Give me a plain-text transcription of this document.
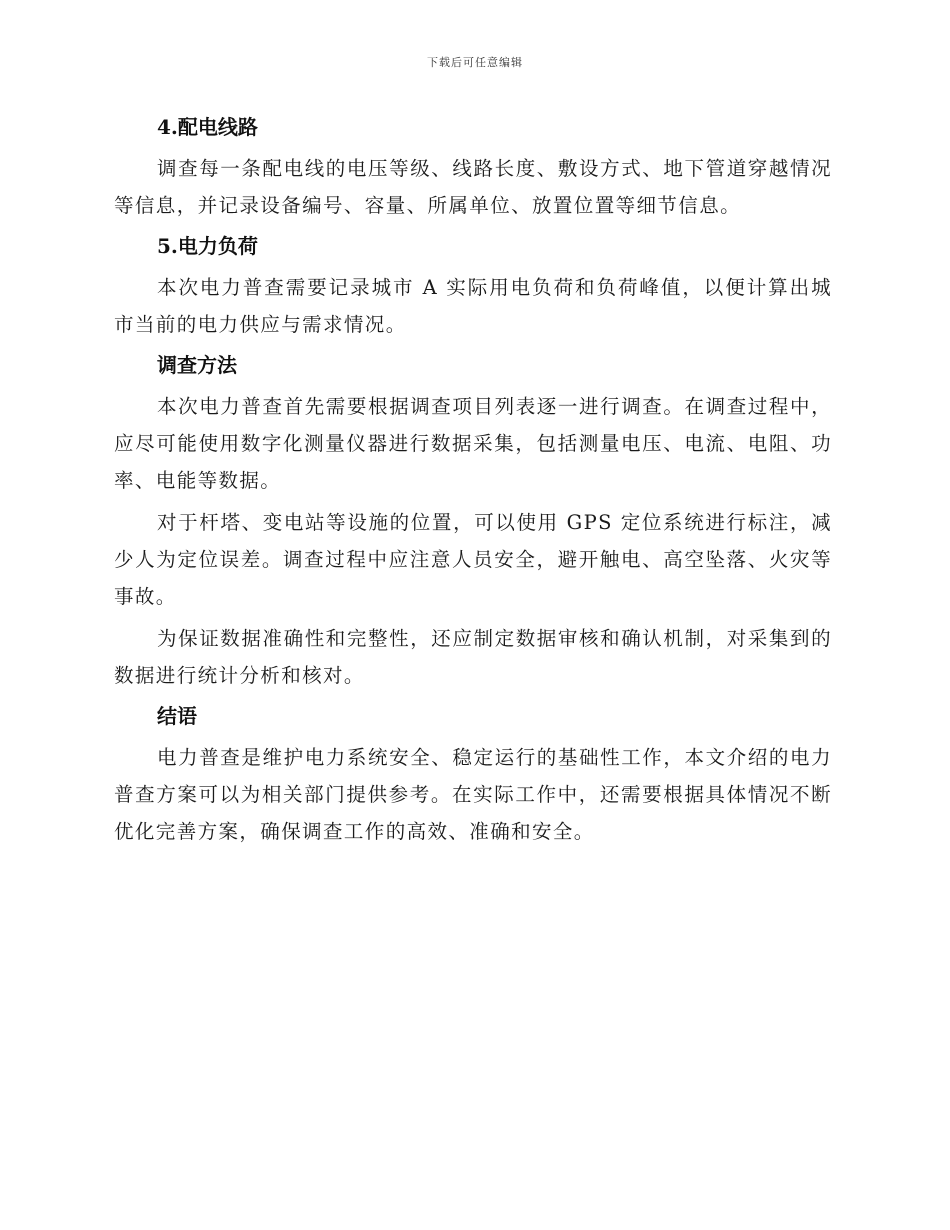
下载后可任意编辑
4.配电线路

调查每一条配电线的电压等级、线路长度、敷设方式、地下管道穿越情况等信息，并记录设备编号、容量、所属单位、放置位置等细节信息。

5.电力负荷

本次电力普查需要记录城市 A 实际用电负荷和负荷峰值，以便计算出城市当前的电力供应与需求情况。

调查方法

本次电力普查首先需要根据调查项目列表逐一进行调查。在调查过程中，应尽可能使用数字化测量仪器进行数据采集，包括测量电压、电流、电阻、功率、电能等数据。

对于杆塔、变电站等设施的位置，可以使用 GPS 定位系统进行标注，减少人为定位误差。调查过程中应注意人员安全，避开触电、高空坠落、火灾等事故。

为保证数据准确性和完整性，还应制定数据审核和确认机制，对采集到的数据进行统计分析和核对。

结语

电力普查是维护电力系统安全、稳定运行的基础性工作，本文介绍的电力普查方案可以为相关部门提供参考。在实际工作中，还需要根据具体情况不断优化完善方案，确保调查工作的高效、准确和安全。
